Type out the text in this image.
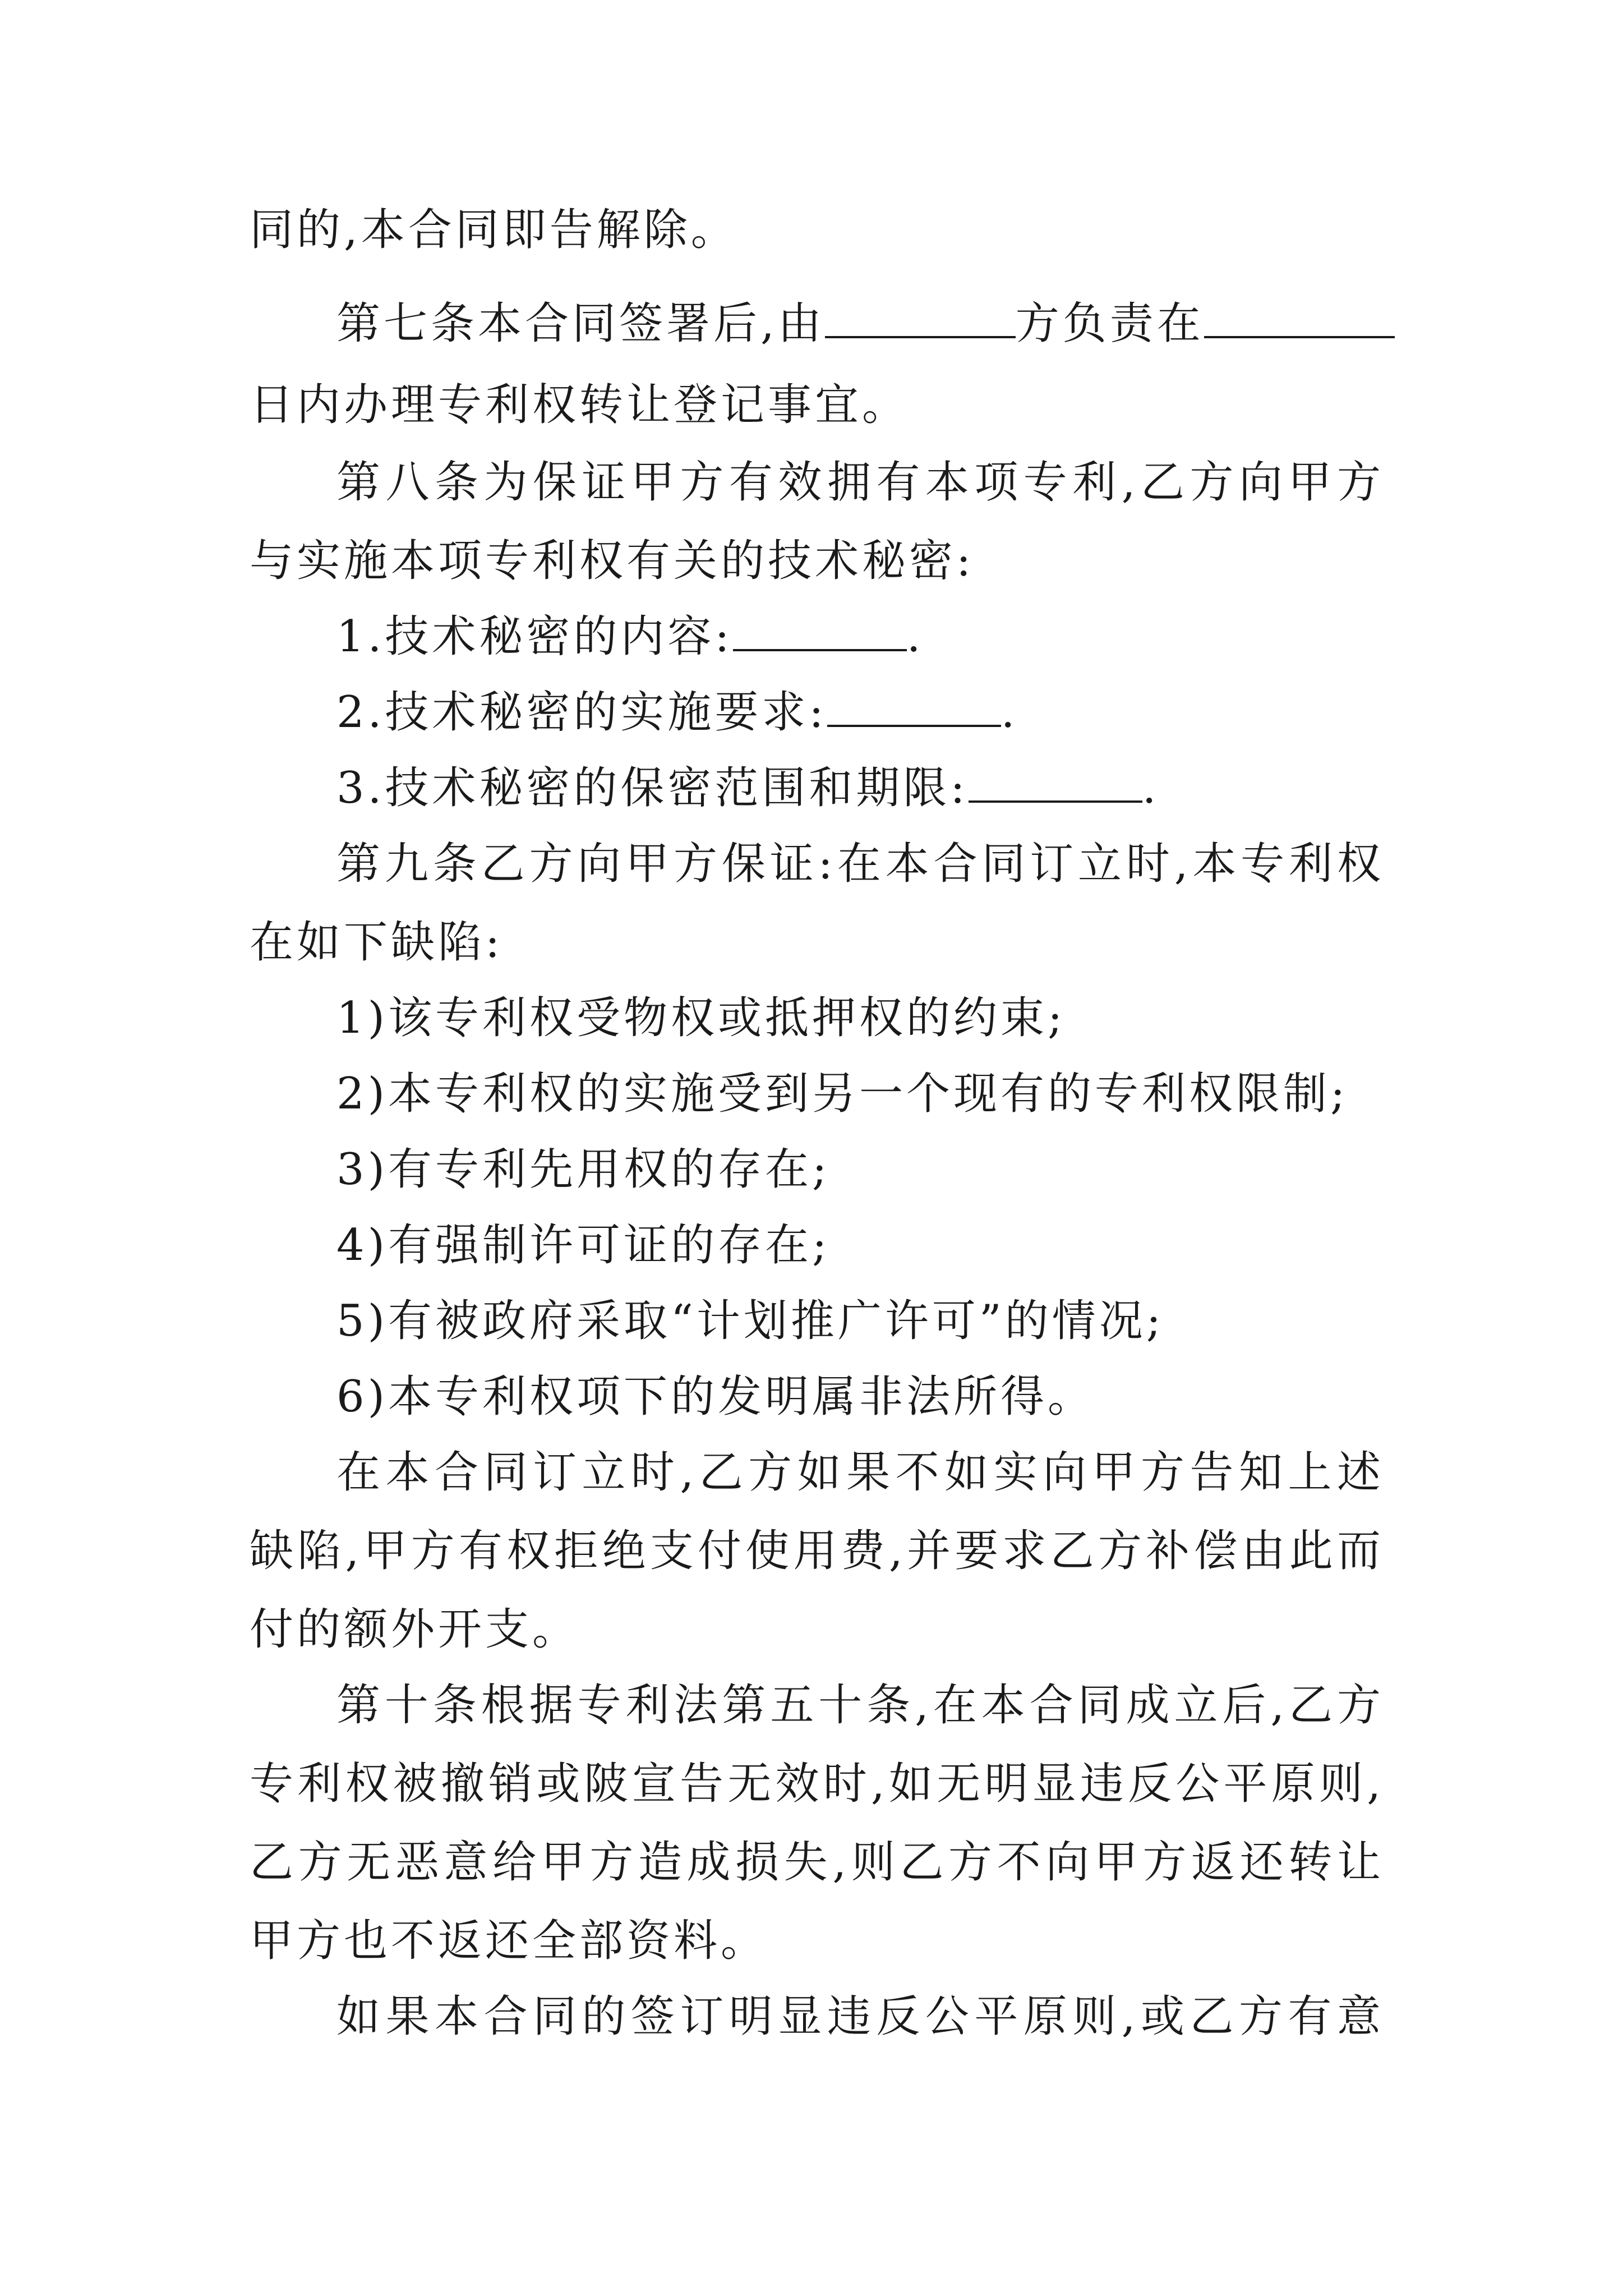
同的,本合同即告解除。
第七条本合同签署后,由	方负责在
日内办理专利权转让登记事宜。
第八条为保证甲方有效拥有本项专利,乙方向甲方
与实施本项专利权有关的技术秘密:
1.技术秘密的内容:	.
2.技术秘密的实施要求:	.
3.技术秘密的保密范围和期限:	.
第九条乙方向甲方保证:在本合同订立时,本专利权
在如下缺陷:
1)该专利权受物权或抵押权的约束;
2)本专利权的实施受到另一个现有的专利权限制;
3)有专利先用权的存在;
4)有强制许可证的存在;
5)有被政府采取“计划推广许可”的情况;
6)本专利权项下的发明属非法所得。
在本合同订立时,乙方如果不如实向甲方告知上述
缺陷,甲方有权拒绝支付使用费,并要求乙方补偿由此而
付的额外开支。
第十条根据专利法第五十条,在本合同成立后,乙方
专利权被撤销或陂宣告无效时,如无明显违反公平原则,
乙方无恶意给甲方造成损失,则乙方不向甲方返还转让
甲方也不返还全部资料。
如果本合同的签订明显违反公平原则,或乙方有意
